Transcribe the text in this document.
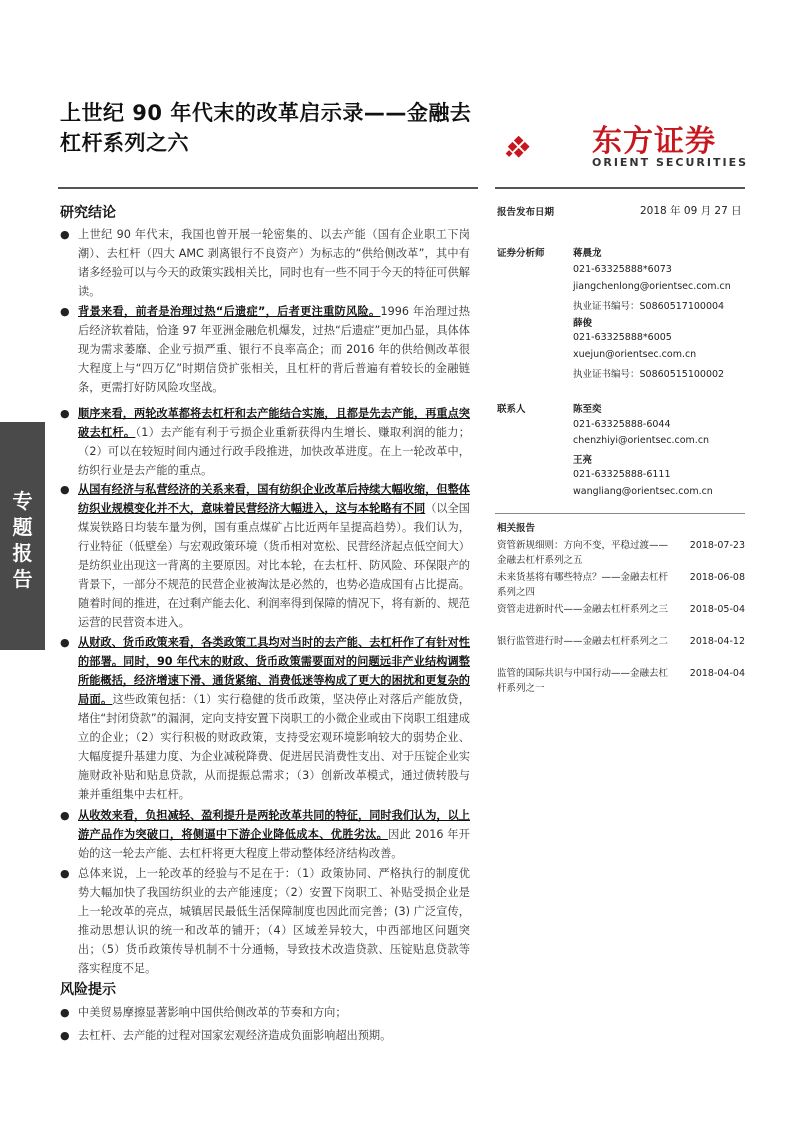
上世纪 90 年代末的改革启示录——金融去杠杆系列之六	东方证券
ORIENT SECURITIES
专
题
报
告
研究结论
● 上世纪 90 年代末，我国也曾开展一轮密集的、以去产能（国有企业职工下岗潮）、去杠杆（四大 AMC 剥离银行不良资产）为标志的“供给侧改革”，其中有诸多经验可以与今天的政策实践相关比，同时也有一些不同于今天的特征可供解读。
● 背景来看，前者是治理过热“后遗症”，后者更注重防风险。1996 年治理过热后经济软着陆，恰逢 97 年亚洲金融危机爆发，过热“后遗症”更加凸显，具体体现为需求萎靡、企业亏损严重、银行不良率高企；而 2016 年的供给侧改革很大程度上与“四万亿”时期信贷扩张相关，且杠杆的背后普遍有着较长的金融链条，更需打好防风险攻坚战。
● 顺序来看，两轮改革都将去杠杆和去产能结合实施，且都是先去产能，再重点突破去杠杆。（1）去产能有利于亏损企业重新获得内生增长、赚取利润的能力；（2）可以在较短时间内通过行政手段推进，加快改革进度。在上一轮改革中，纺织行业是去产能的重点。
● 从国有经济与私营经济的关系来看，国有纺织企业改革后持续大幅收缩，但整体纺织业规模变化并不大，意味着民营经济大幅进入，这与本轮略有不同（以全国煤炭铁路日均装车量为例，国有重点煤矿占比近两年呈提高趋势）。我们认为，行业特征（低壁垒）与宏观政策环境（货币相对宽松、民营经济起点低空间大）是纺织业出现这一背离的主要原因。对比本轮，在去杠杆、防风险、环保限产的背景下，一部分不规范的民营企业被淘汰是必然的，也势必造成国有占比提高。随着时间的推进，在过剩产能去化、利润率得到保障的情况下，将有新的、规范运营的民营资本进入。
● 从财政、货币政策来看，各类政策工具均对当时的去产能、去杠杆作了有针对性的部署。同时，90 年代末的财政、货币政策需要面对的问题远非产业结构调整所能概括，经济增速下滑、通货紧缩、消费低迷等构成了更大的困扰和更复杂的局面。这些政策包括：（1）实行稳健的货币政策，坚决停止对落后产能放贷，堵住“封闭贷款”的漏洞，定向支持安置下岗职工的小微企业或由下岗职工组建成立的企业；（2）实行积极的财政政策，支持受宏观环境影响较大的弱势企业、大幅度提升基建力度、为企业减税降费、促进居民消费性支出、对于压锭企业实施财政补贴和贴息贷款，从而提振总需求；（3）创新改革模式，通过债转股与兼并重组集中去杠杆。
● 从收效来看，负担减轻、盈利提升是两轮改革共同的特征，同时我们认为，以上游产品作为突破口，将侧逼中下游企业降低成本、优胜劣汰。因此 2016 年开始的这一轮去产能、去杠杆将更大程度上带动整体经济结构改善。
● 总体来说，上一轮改革的经验与不足在于：（1）政策协同、严格执行的制度优势大幅加快了我国纺织业的去产能速度；（2）安置下岗职工、补贴受损企业是上一轮改革的亮点，城镇居民最低生活保障制度也因此而完善；(3) 广泛宣传，推动思想认识的统一和改革的铺开；（4）区域差异较大，中西部地区问题突出；（5）货币政策传导机制不十分通畅，导致技术改造贷款、压锭贴息贷款等落实程度不足。
风险提示
● 中美贸易摩擦显著影响中国供给侧改革的节奏和方向；
● 去杠杆、去产能的过程对国家宏观经济造成负面影响超出预期。
报告发布日期	2018 年 09 月 27 日
证券分析师	蒋晨龙
021-63325888*6073
jiangchenlong@orientsec.com.cn
执业证书编号：S0860517100004
薛俊
021-63325888*6005
xuejun@orientsec.com.cn
执业证书编号：S0860515100002
联系人	陈至奕
021-63325888-6044
chenzhiyi@orientsec.com.cn
王亮
021-63325888-6111
wangliang@orientsec.com.cn
相关报告
资管新规细则：方向不变，平稳过渡——金融去杠杆系列之五
2018-07-23
未来货基将有哪些特点？——金融去杠杆系列之四
2018-06-08
资管走进新时代——金融去杠杆系列之三	2018-05-04
银行监管进行时——金融去杠杆系列之二	2018-04-12
监管的国际共识与中国行动——金融去杠杆系列之一
2018-04-04
